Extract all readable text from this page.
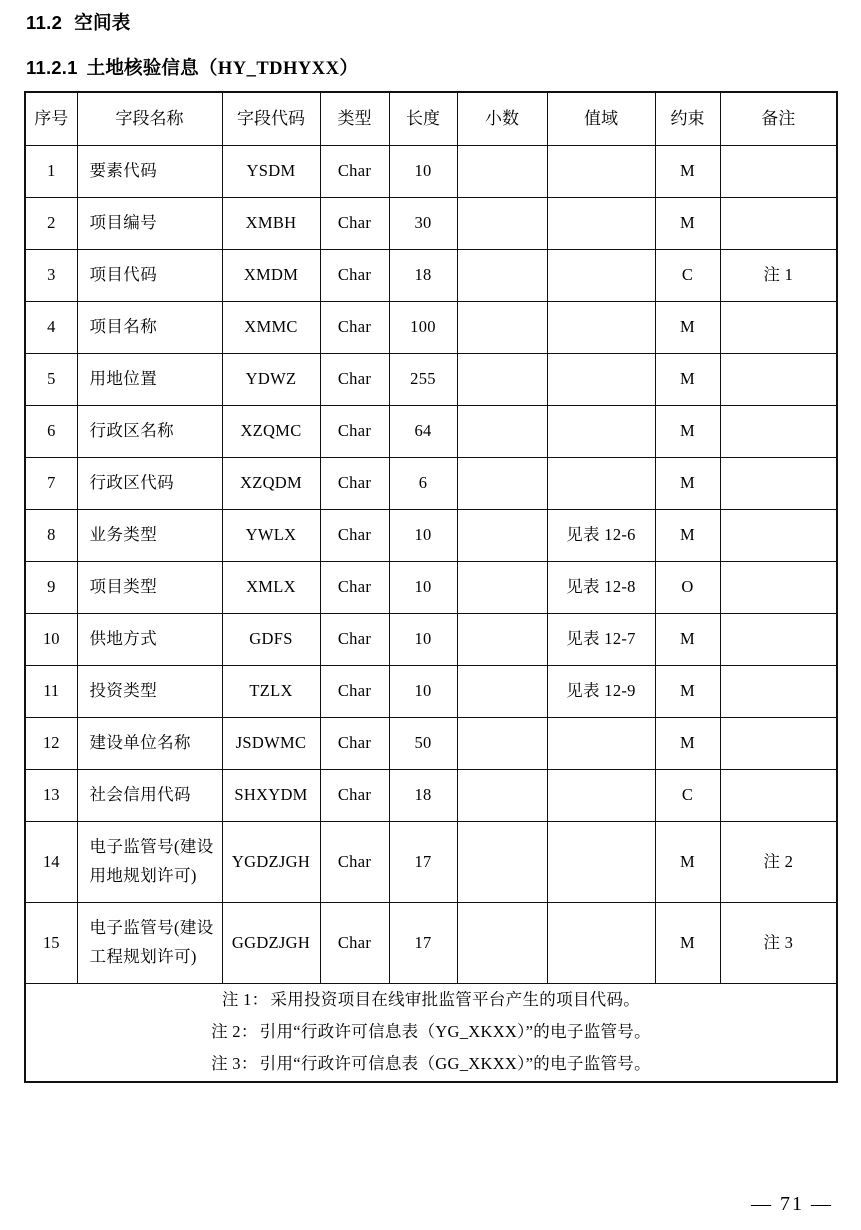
11.2 空间表
11.2.1 土地核验信息（HY_TDHYXX）
序号	字段名称	字段代码	类型	长度	小数	值域	约束	备注
1	要素代码	YSDM	Char	10			M	
2	项目编号	XMBH	Char	30			M	
3	项目代码	XMDM	Char	18			C	注 1
4	项目名称	XMMC	Char	100			M	
5	用地位置	YDWZ	Char	255			M	
6	行政区名称	XZQMC	Char	64			M	
7	行政区代码	XZQDM	Char	6			M	
8	业务类型	YWLX	Char	10		见表 12-6	M	
9	项目类型	XMLX	Char	10		见表 12-8	O	
10	供地方式	GDFS	Char	10		见表 12-7	M	
11	投资类型	TZLX	Char	10		见表 12-9	M	
12	建设单位名称	JSDWMC	Char	50			M	
13	社会信用代码	SHXYDM	Char	18			C	
14	电子监管号(建设
用地规划许可)	YGDZJGH	Char	17			M	注 2
15	电子监管号(建设
工程规划许可)	GGDZJGH	Char	17			M	注 3

注 1： 采用投资项目在线审批监管平台产生的项目代码。
注 2： 引用“行政许可信息表（YG_XKXX）”的电子监管号。
注 3： 引用“行政许可信息表（GG_XKXX）”的电子监管号。								
— 71 —
